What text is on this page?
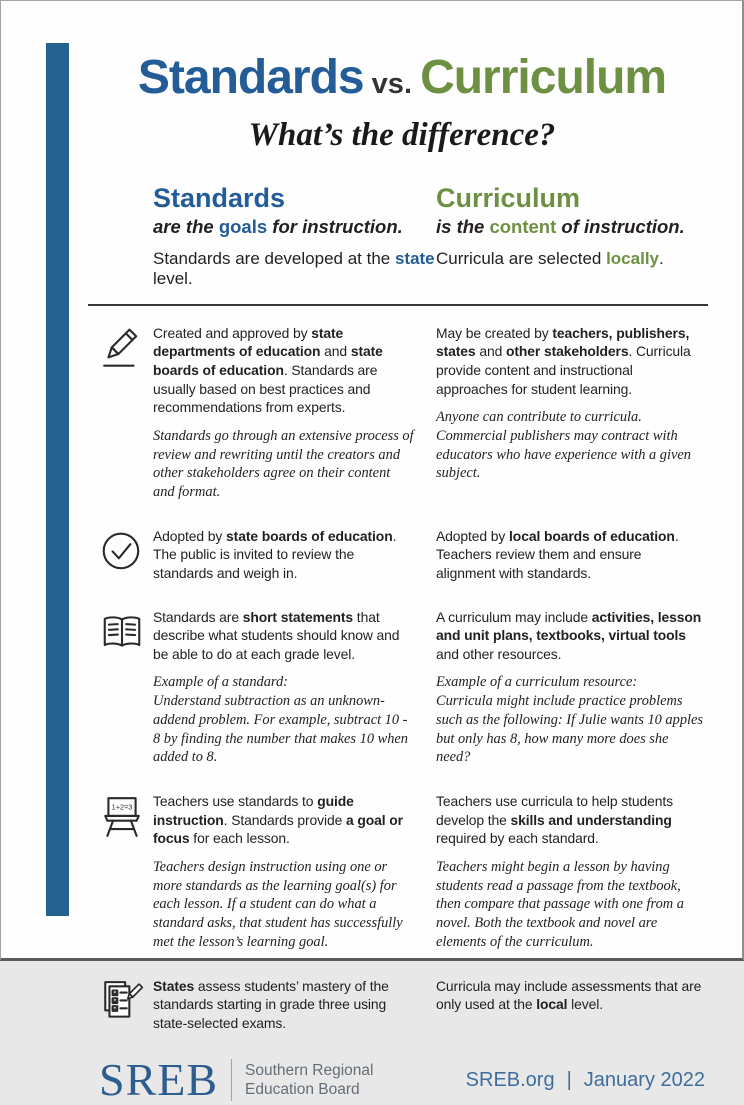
Standards vs. Curriculum
What’s the difference?
Standards
are the goals for instruction.
Standards are developed at the state level.
Curriculum
is the content of instruction.
Curricula are selected locally.
Created and approved by state departments of education and state boards of education. Standards are usually based on best practices and recommendations from experts.
Standards go through an extensive process of review and rewriting until the creators and other stakeholders agree on their content and format.
May be created by teachers, publishers, states and other stakeholders. Curricula provide content and instructional approaches for student learning.
Anyone can contribute to curricula. Commercial publishers may contract with educators who have experience with a given subject.
Adopted by state boards of education. The public is invited to review the standards and weigh in.
Adopted by local boards of education. Teachers review them and ensure alignment with standards.
Standards are short statements that describe what students should know and be able to do at each grade level.
Example of a standard:
Understand subtraction as an unknown-addend problem. For example, subtract 10 - 8 by finding the number that makes 10 when added to 8.
A curriculum may include activities, lesson and unit plans, textbooks, virtual tools and other resources.
Example of a curriculum resource:
Curricula might include practice problems such as the following: If Julie wants 10 apples but only has 8, how many more does she need?
1+2=3 Teachers use standards to guide instruction. Standards provide a goal or focus for each lesson.
Teachers design instruction using one or more standards as the learning goal(s) for each lesson. If a student can do what a standard asks, that student has successfully met the lesson’s learning goal.
Teachers use curricula to help students develop the skills and understanding required by each standard.
Teachers might begin a lesson by having students read a passage from the textbook, then compare that passage with one from a novel. Both the textbook and novel are elements of the curriculum.
States assess students’ mastery of the standards starting in grade three using state-selected exams.
Curricula may include assessments that are only used at the local level.
SREB Southern Regional
Education Board	SREB.org | January 2022
